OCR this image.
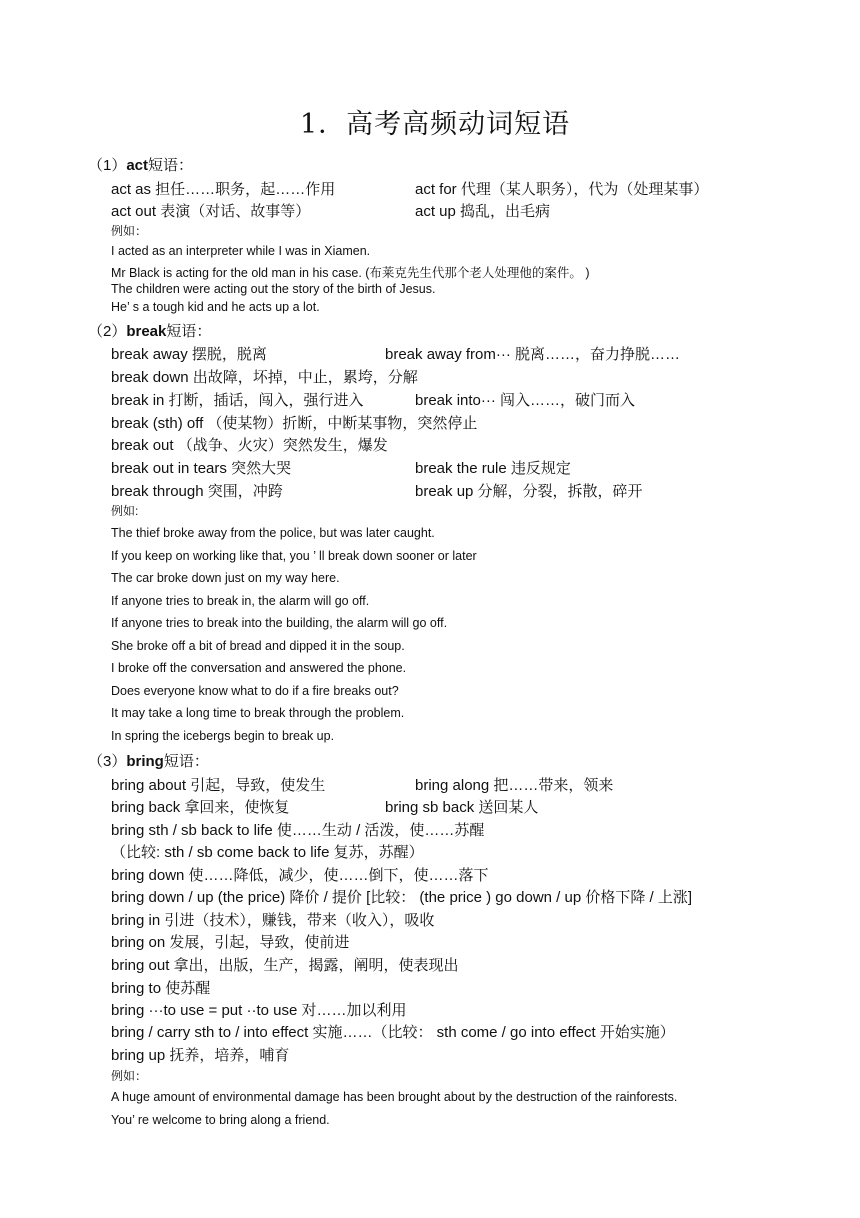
1．高考高频动词短语
（1）act短语：
act as 担任……职务，起……作用	act for 代理（某人职务），代为（处理某事）
act out 表演（对话、故事等）	act up 捣乱，出毛病
例如：
I acted as an interpreter while I was in Xiamen.
Mr Black is acting for the old man in his case. (布莱克先生代那个老人处理他的案件。 )
The children were acting out the story of the birth of Jesus.
He’ s a tough kid and he acts up a lot.
（2）break短语：
break away 摆脱，脱离	break away from··· 脱离……，奋力挣脱……
break down 出故障，坏掉，中止，累垮，分解
break in 打断，插话，闯入，强行进入	break into··· 闯入……，破门而入
break (sth) off （使某物）折断，中断某事物，突然停止
break out （战争、火灾）突然发生，爆发
break out in tears 突然大哭	break the rule 违反规定
break through 突围，冲跨	break up 分解，分裂，拆散，碎开
例如:
The thief broke away from the police, but was later caught.
If you keep on working like that, you ’ ll break down sooner or later
The car broke down just on my way here.
If anyone tries to break in, the alarm will go off.
If anyone tries to break into the building, the alarm will go off.
She broke off a bit of bread and dipped it in the soup.
I broke off the conversation and answered the phone.
Does everyone know what to do if a fire breaks out?
It may take a long time to break through the problem.
In spring the icebergs begin to break up.
（3）bring短语：
bring about 引起，导致，使发生	bring along 把……带来，领来
bring back 拿回来，使恢复	bring sb back 送回某人
bring sth / sb back to life 使……生动 / 活泼，使……苏醒
（比较: sth / sb come back to life 复苏，苏醒）
bring down 使……降低，减少，使……倒下，使……落下
bring down / up (the price) 降价 / 提价 [比较： (the price ) go down / up 价格下降 / 上涨]
bring in 引进（技术），赚钱，带来（收入），吸收
bring on 发展，引起，导致，使前进
bring out 拿出，出版，生产，揭露，阐明，使表现出
bring to 使苏醒
bring ···to use = put ··to use 对……加以利用
bring / carry sth to / into effect 实施……（比较： sth come / go into effect 开始实施）
bring up 抚养，培养，哺育
例如：
A huge amount of environmental damage has been brought about by the destruction of the rainforests.
You’ re welcome to bring along a friend.
